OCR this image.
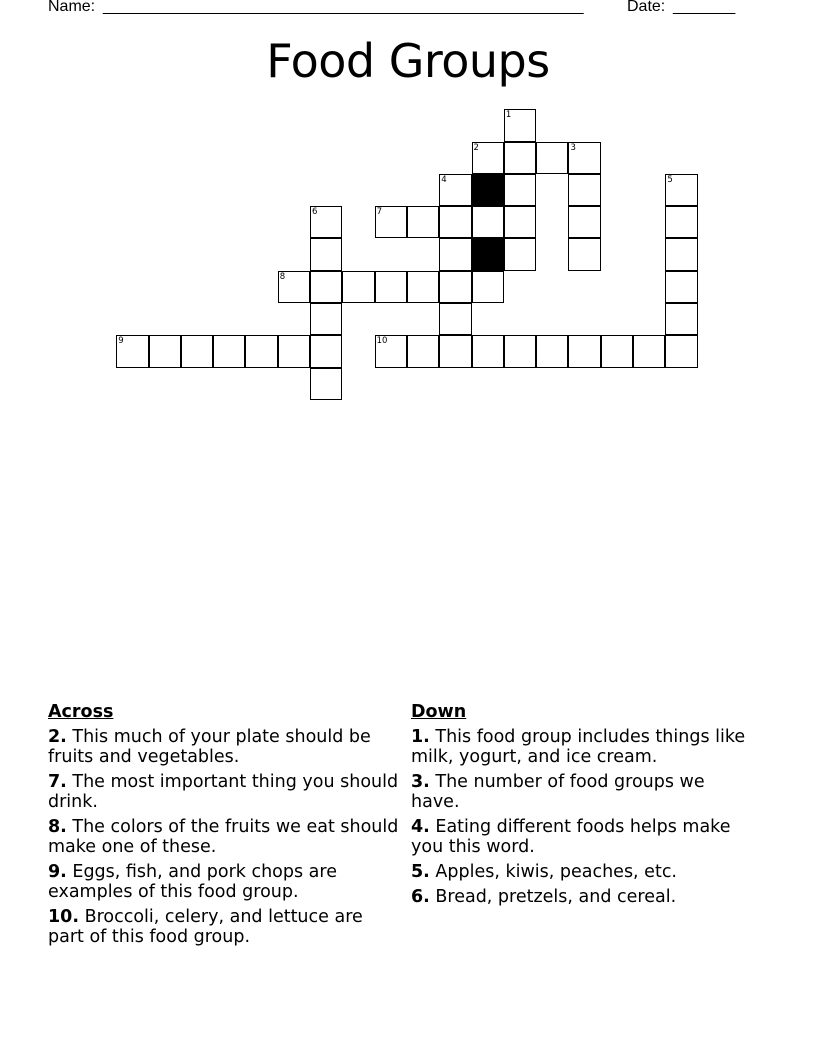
Name: ______________________________________________________	Date: _______
Food Groups
1
2	3
4	5
6	7
8
9	10
Across
2. This much of your plate should be fruits and vegetables.
7. The most important thing you should drink.
8. The colors of the fruits we eat should make one of these.
9. Eggs, fish, and pork chops are examples of this food group.
10. Broccoli, celery, and lettuce are part of this food group.
Down
1. This food group includes things like milk, yogurt, and ice cream.
3. The number of food groups we have.
4. Eating different foods helps make you this word.
5. Apples, kiwis, peaches, etc.
6. Bread, pretzels, and cereal.
